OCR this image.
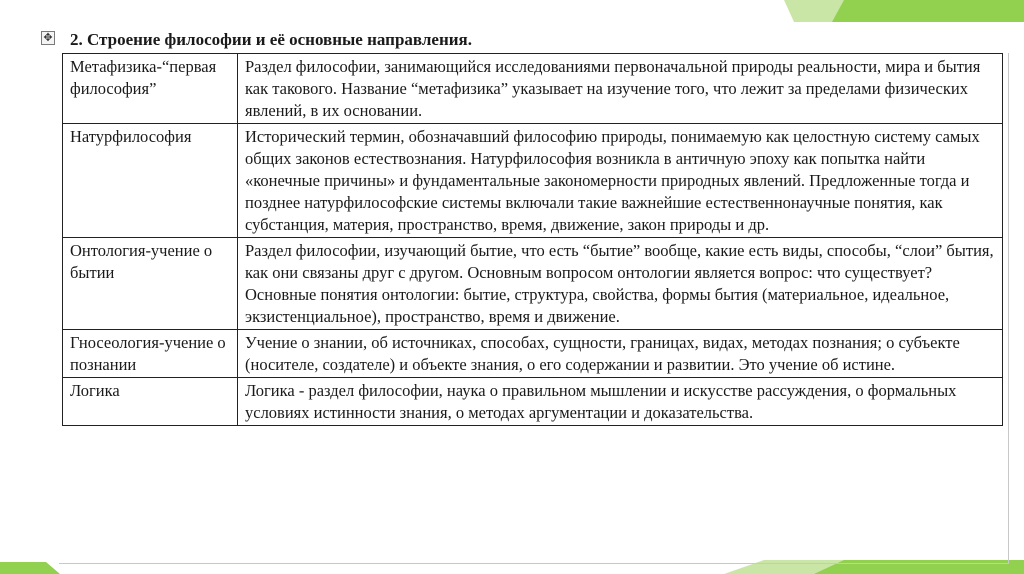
✥ 2. Строение философии и её основные направления.
Метафизика-“первая философия”	Раздел философии, занимающийся исследованиями первоначальной природы реальности, мира и бытия как такового. Название “метафизика” указывает на изучение того, что лежит за пределами физических явлений, в их основании.
Натурфилософия	Исторический термин, обозначавший философию природы, понимаемую как целостную систему самых общих законов естествознания. Натурфилософия возникла в античную эпоху как попытка найти «конечные причины» и фундаментальные закономерности природных явлений. Предложенные тогда и позднее натурфилософские системы включали такие важнейшие естественнонаучные понятия, как субстанция, материя, пространство, время, движение, закон природы и др.
Онтология-учение о бытии	Раздел философии, изучающий бытие, что есть “бытие” вообще, какие есть виды, способы, “слои” бытия, как они связаны друг с другом. Основным вопросом онтологии является вопрос: что существует? Основные понятия онтологии: бытие, структура, свойства, формы бытия (материальное, идеальное, экзистенциальное), пространство, время и движение.
Гносеология-учение о познании	Учение о знании, об источниках, способах, сущности, границах, видах, методах познания; о субъекте (носителе, создателе) и объекте знания, о его содержании и развитии. Это учение об истине.
Логика	Логика - раздел философии, наука о правильном мышлении и искусстве рассуждения, о формальных условиях истинности знания, о методах аргументации и доказательства.
